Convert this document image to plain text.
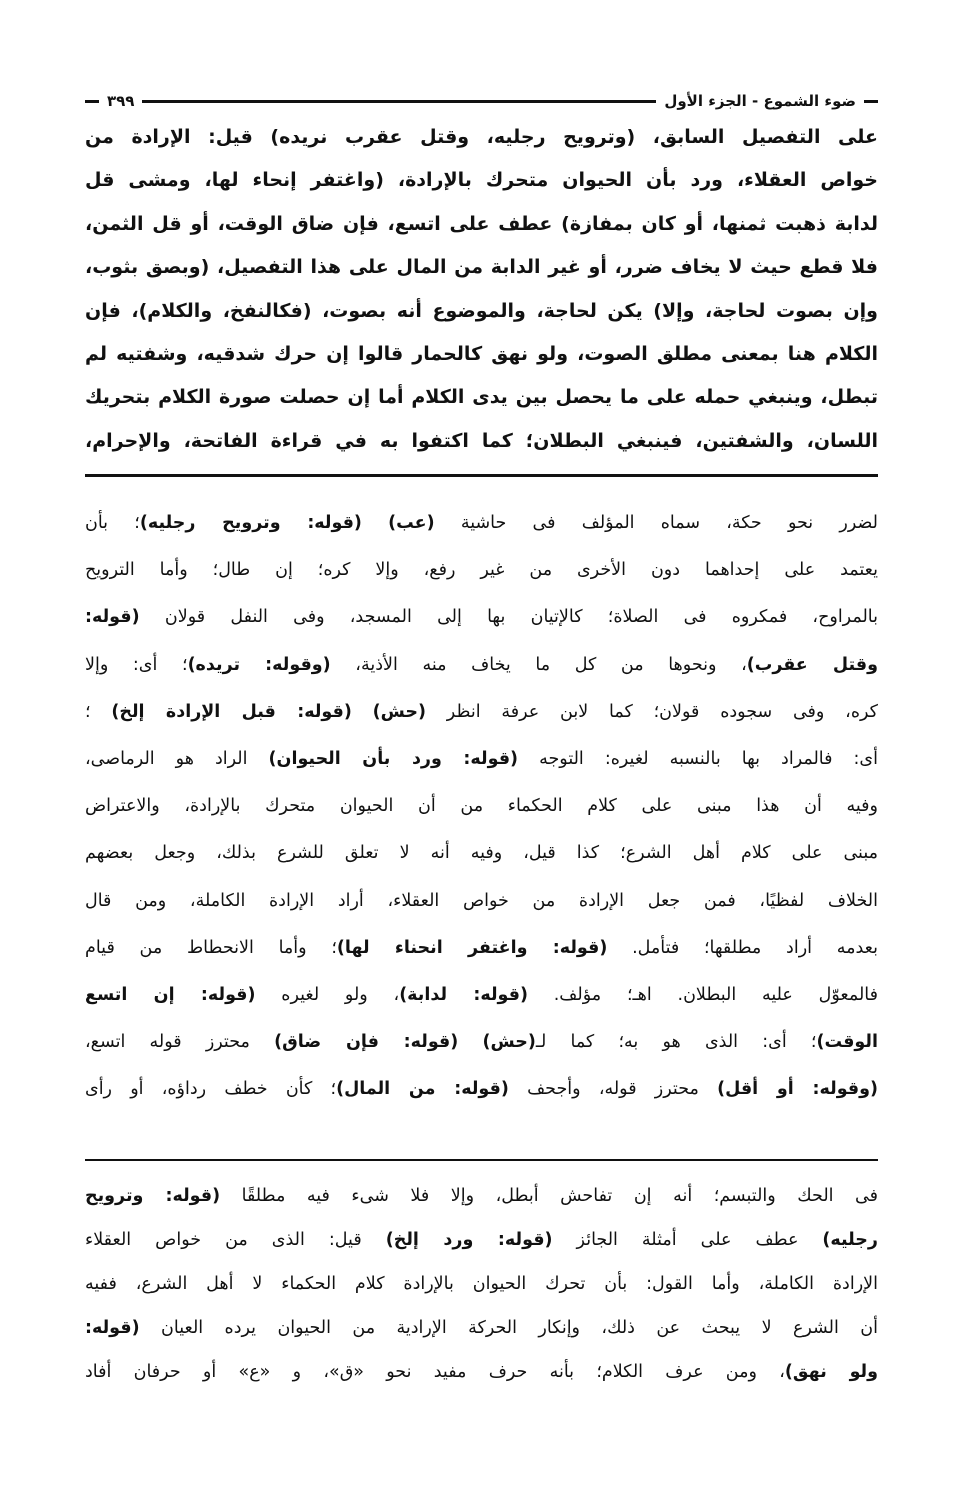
ضوء الشموع - الجزء الأول
٣٩٩
على التفصيل السابق، (وترويح رجليه، وقتل عقرب نريده) قيل: الإرادة من
خواص العقلاء، ورد بأن الحيوان متحرك بالإرادة، (واغتفر إنحاء لها، ومشى قل
لدابة ذهبت ثمنها، أو كان بمفازة) عطف على اتسع، فإن ضاق الوقت، أو قل الثمن،
فلا قطع حيث لا يخاف ضرر، أو غير الدابة من المال على هذا التفصيل، (وبصق بثوب،
وإن بصوت لحاجة، وإلا) يكن لحاجة، والموضوع أنه بصوت، (فكالنفخ، والكلام)، فإن
الكلام هنا بمعنى مطلق الصوت، ولو نهق كالحمار قالوا إن حرك شدقيه، وشفتيه لم
تبطل، وينبغي حمله على ما يحصل بين يدى الكلام أما إن حصلت صورة الكلام بتحريك
اللسان، والشفتين، فينبغي البطلان؛ كما اكتفوا به في قراءة الفاتحة، والإحرام،
لضرر نحو حكة، سماه المؤلف فى حاشية (عب) (قوله: وترويح رجليه)؛ بأن
يعتمد على إحداهما دون الأخرى من غير رفع، وإلا كره؛ إن طال؛ وأما الترويح
بالمراوح، فمكروه فى الصلاة؛ كالإتيان بها إلى المسجد، وفى النفل قولان (قوله:
وقتل عقرب)، ونحوها من كل ما يخاف منه الأذية، (وقوله: تريده)؛ أى: وإلا
كره، وفى سجوده قولان؛ كما لابن عرفة انظر (حش) (قوله: قبل الإرادة إلخ) ؛
أى: فالمراد بها بالنسبه لغيره: التوجه (قوله: ورد بأن الحيوان) الراد هو الرماصى،
وفيه أن هذا مبنى على كلام الحكماء من أن الحيوان متحرك بالإرادة، والاعتراض
مبنى على كلام أهل الشرع؛ كذا قيل، وفيه أنه لا تعلق للشرع بذلك، وجعل بعضهم
الخلاف لفظيًا، فمن جعل الإرادة من خواص العقلاء، أراد الإرادة الكاملة، ومن قال
بعدمه أراد مطلقها؛ فتأمل. (قوله: واغتفر انحناء لها)؛ وأما الانحطاط من قيام
فالمعوّل عليه البطلان. اهـ؛ مؤلف. (قوله: لدابة)، ولو لغيره (قوله: إن اتسع
الوقت)؛ أى: الذى هو به؛ كما لـ(حش) (قوله: فإن ضاق) محترز قوله اتسع،
(وقوله: أو أقل) محترز قوله، وأجحف (قوله: من المال)؛ كأن خطف رداؤه، أو رأى
فى الحك والتبسم؛ أنه إن تفاحش أبطل، وإلا فلا شىء فيه مطلقًا (قوله: وترويح
رجليه) عطف على أمثلة الجائز (قوله: ورد إلخ) قيل: الذى من خواص العقلاء
الإرادة الكاملة، وأما القول: بأن تحرك الحيوان بالإرادة كلام الحكماء لا أهل الشرع، ففيه
أن الشرع لا يبحث عن ذلك، وإنكار الحركة الإرادية من الحيوان يرده العيان (قوله:
ولو نهق)، ومن عرف الكلام؛ بأنه حرف مفيد نحو «ق»، و «ع» أو حرفان أفاد
